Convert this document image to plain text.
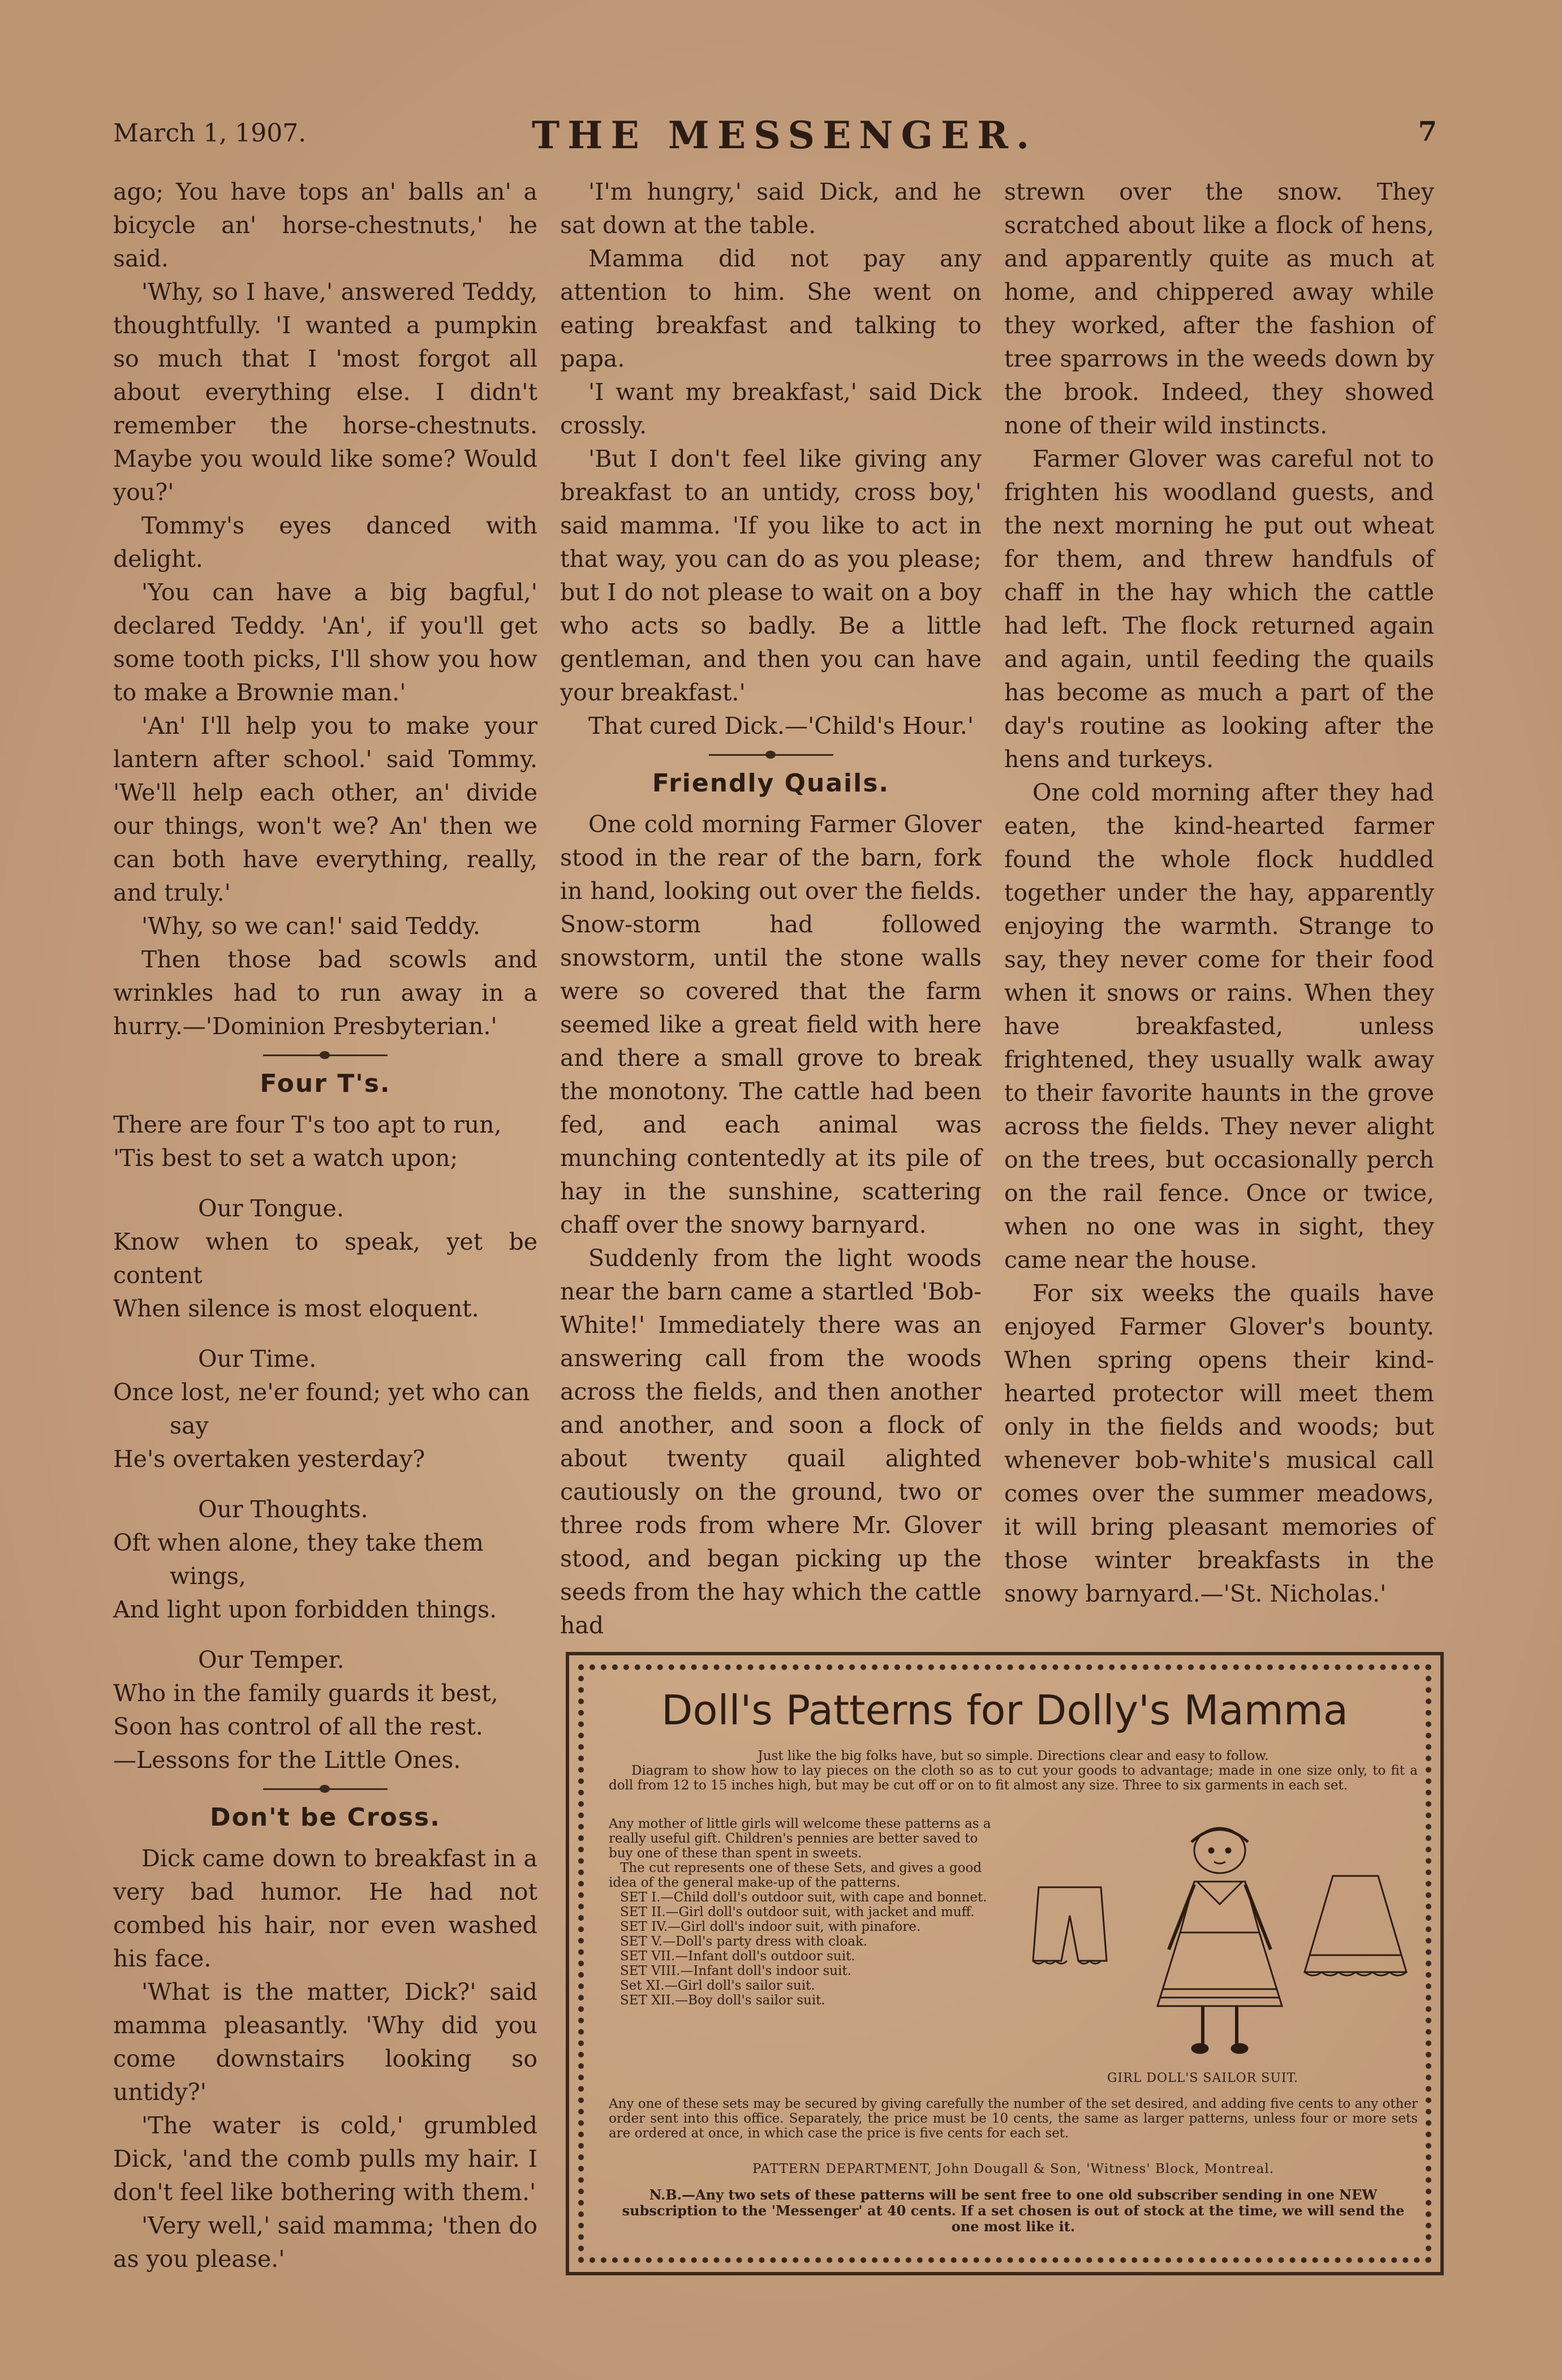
March 1, 1907.	THE MESSENGER.	7

ago; You have tops an' balls an' a bicycle an' horse-chestnuts,' he said.

'Why, so I have,' answered Teddy, thoughtfully. 'I wanted a pumpkin so much that I 'most forgot all about everything else. I didn't remember the horse-chestnuts. Maybe you would like some? Would you?'

Tommy's eyes danced with delight.

'You can have a big bagful,' declared Teddy. 'An', if you'll get some tooth picks, I'll show you how to make a Brownie man.'

'An' I'll help you to make your lantern after school.' said Tommy. 'We'll help each other, an' divide our things, won't we? An' then we can both have everything, really, and truly.'

'Why, so we can!' said Teddy.

Then those bad scowls and wrinkles had to run away in a hurry.—'Dominion Presbyterian.'

Four T's.
There are four T's too apt to run,
'Tis best to set a watch upon;
Our Tongue.
Know when to speak, yet be content
When silence is most eloquent.
Our Time.
Once lost, ne'er found; yet who can
say
He's overtaken yesterday?
Our Thoughts.
Oft when alone, they take them
wings,
And light upon forbidden things.
Our Temper.
Who in the family guards it best,
Soon has control of all the rest.
—Lessons for the Little Ones.
Don't be Cross.

Dick came down to breakfast in a very bad humor. He had not combed his hair, nor even washed his face.

'What is the matter, Dick?' said mamma pleasantly. 'Why did you come downstairs looking so untidy?'

'The water is cold,' grumbled Dick, 'and the comb pulls my hair. I don't feel like bothering with them.'

'Very well,' said mamma; 'then do as you please.'

'I'm hungry,' said Dick, and he sat down at the table.

Mamma did not pay any attention to him. She went on eating breakfast and talking to papa.

'I want my breakfast,' said Dick crossly.

'But I don't feel like giving any breakfast to an untidy, cross boy,' said mamma. 'If you like to act in that way, you can do as you please; but I do not please to wait on a boy who acts so badly. Be a little gentleman, and then you can have your breakfast.'

That cured Dick.—'Child's Hour.'

Friendly Quails.

One cold morning Farmer Glover stood in the rear of the barn, fork in hand, looking out over the fields. Snow-storm had followed snowstorm, until the stone walls were so covered that the farm seemed like a great field with here and there a small grove to break the monotony. The cattle had been fed, and each animal was munching contentedly at its pile of hay in the sunshine, scattering chaff over the snowy barnyard.

Suddenly from the light woods near the barn came a startled 'Bob-White!' Immediately there was an answering call from the woods across the fields, and then another and another, and soon a flock of about twenty quail alighted cautiously on the ground, two or three rods from where Mr. Glover stood, and began picking up the seeds from the hay which the cattle had

strewn over the snow. They scratched about like a flock of hens, and apparently quite as much at home, and chippered away while they worked, after the fashion of tree sparrows in the weeds down by the brook. Indeed, they showed none of their wild instincts.

Farmer Glover was careful not to frighten his woodland guests, and the next morning he put out wheat for them, and threw handfuls of chaff in the hay which the cattle had left. The flock returned again and again, until feeding the quails has become as much a part of the day's routine as looking after the hens and turkeys.

One cold morning after they had eaten, the kind-hearted farmer found the whole flock huddled together under the hay, apparently enjoying the warmth. Strange to say, they never come for their food when it snows or rains. When they have breakfasted, unless frightened, they usually walk away to their favorite haunts in the grove across the fields. They never alight on the trees, but occasionally perch on the rail fence. Once or twice, when no one was in sight, they came near the house.

For six weeks the quails have enjoyed Farmer Glover's bounty. When spring opens their kind-hearted protector will meet them only in the fields and woods; but whenever bob-white's musical call comes over the summer meadows, it will bring pleasant memories of those winter breakfasts in the snowy barnyard.—'St. Nicholas.'

Doll's Patterns for Dolly's Mamma
Just like the big folks have, but so simple. Directions clear and easy to follow.
Diagram to show how to lay pieces on the cloth so as to cut your goods to advantage; made in one size only, to fit a doll from 12 to 15 inches high, but may be cut off or on to fit almost any size. Three to six garments in each set.
Any mother of little girls will welcome these patterns as a really useful gift. Children's pennies are better saved to buy one of these than spent in sweets.
The cut represents one of these Sets, and gives a good idea of the general make-up of the patterns.
SET I.—Child doll's outdoor suit, with cape and bonnet.
SET II.—Girl doll's outdoor suit, with jacket and muff.
SET IV.—Girl doll's indoor suit, with pinafore.
SET V.—Doll's party dress with cloak.
SET VII.—Infant doll's outdoor suit.
SET VIII.—Infant doll's indoor suit.
Set XI.—Girl doll's sailor suit.
SET XII.—Boy doll's sailor suit.
GIRL DOLL'S SAILOR SUIT.
Any one of these sets may be secured by giving carefully the number of the set desired, and adding five cents to any other order sent into this office. Separately, the price must be 10 cents, the same as larger patterns, unless four or more sets are ordered at once, in which case the price is five cents for each set.
PATTERN DEPARTMENT, John Dougall & Son, 'Witness' Block, Montreal.
N.B.—Any two sets of these patterns will be sent free to one old subscriber sending in one NEW subscription to the 'Messenger' at 40 cents. If a set chosen is out of stock at the time, we will send the one most like it.
